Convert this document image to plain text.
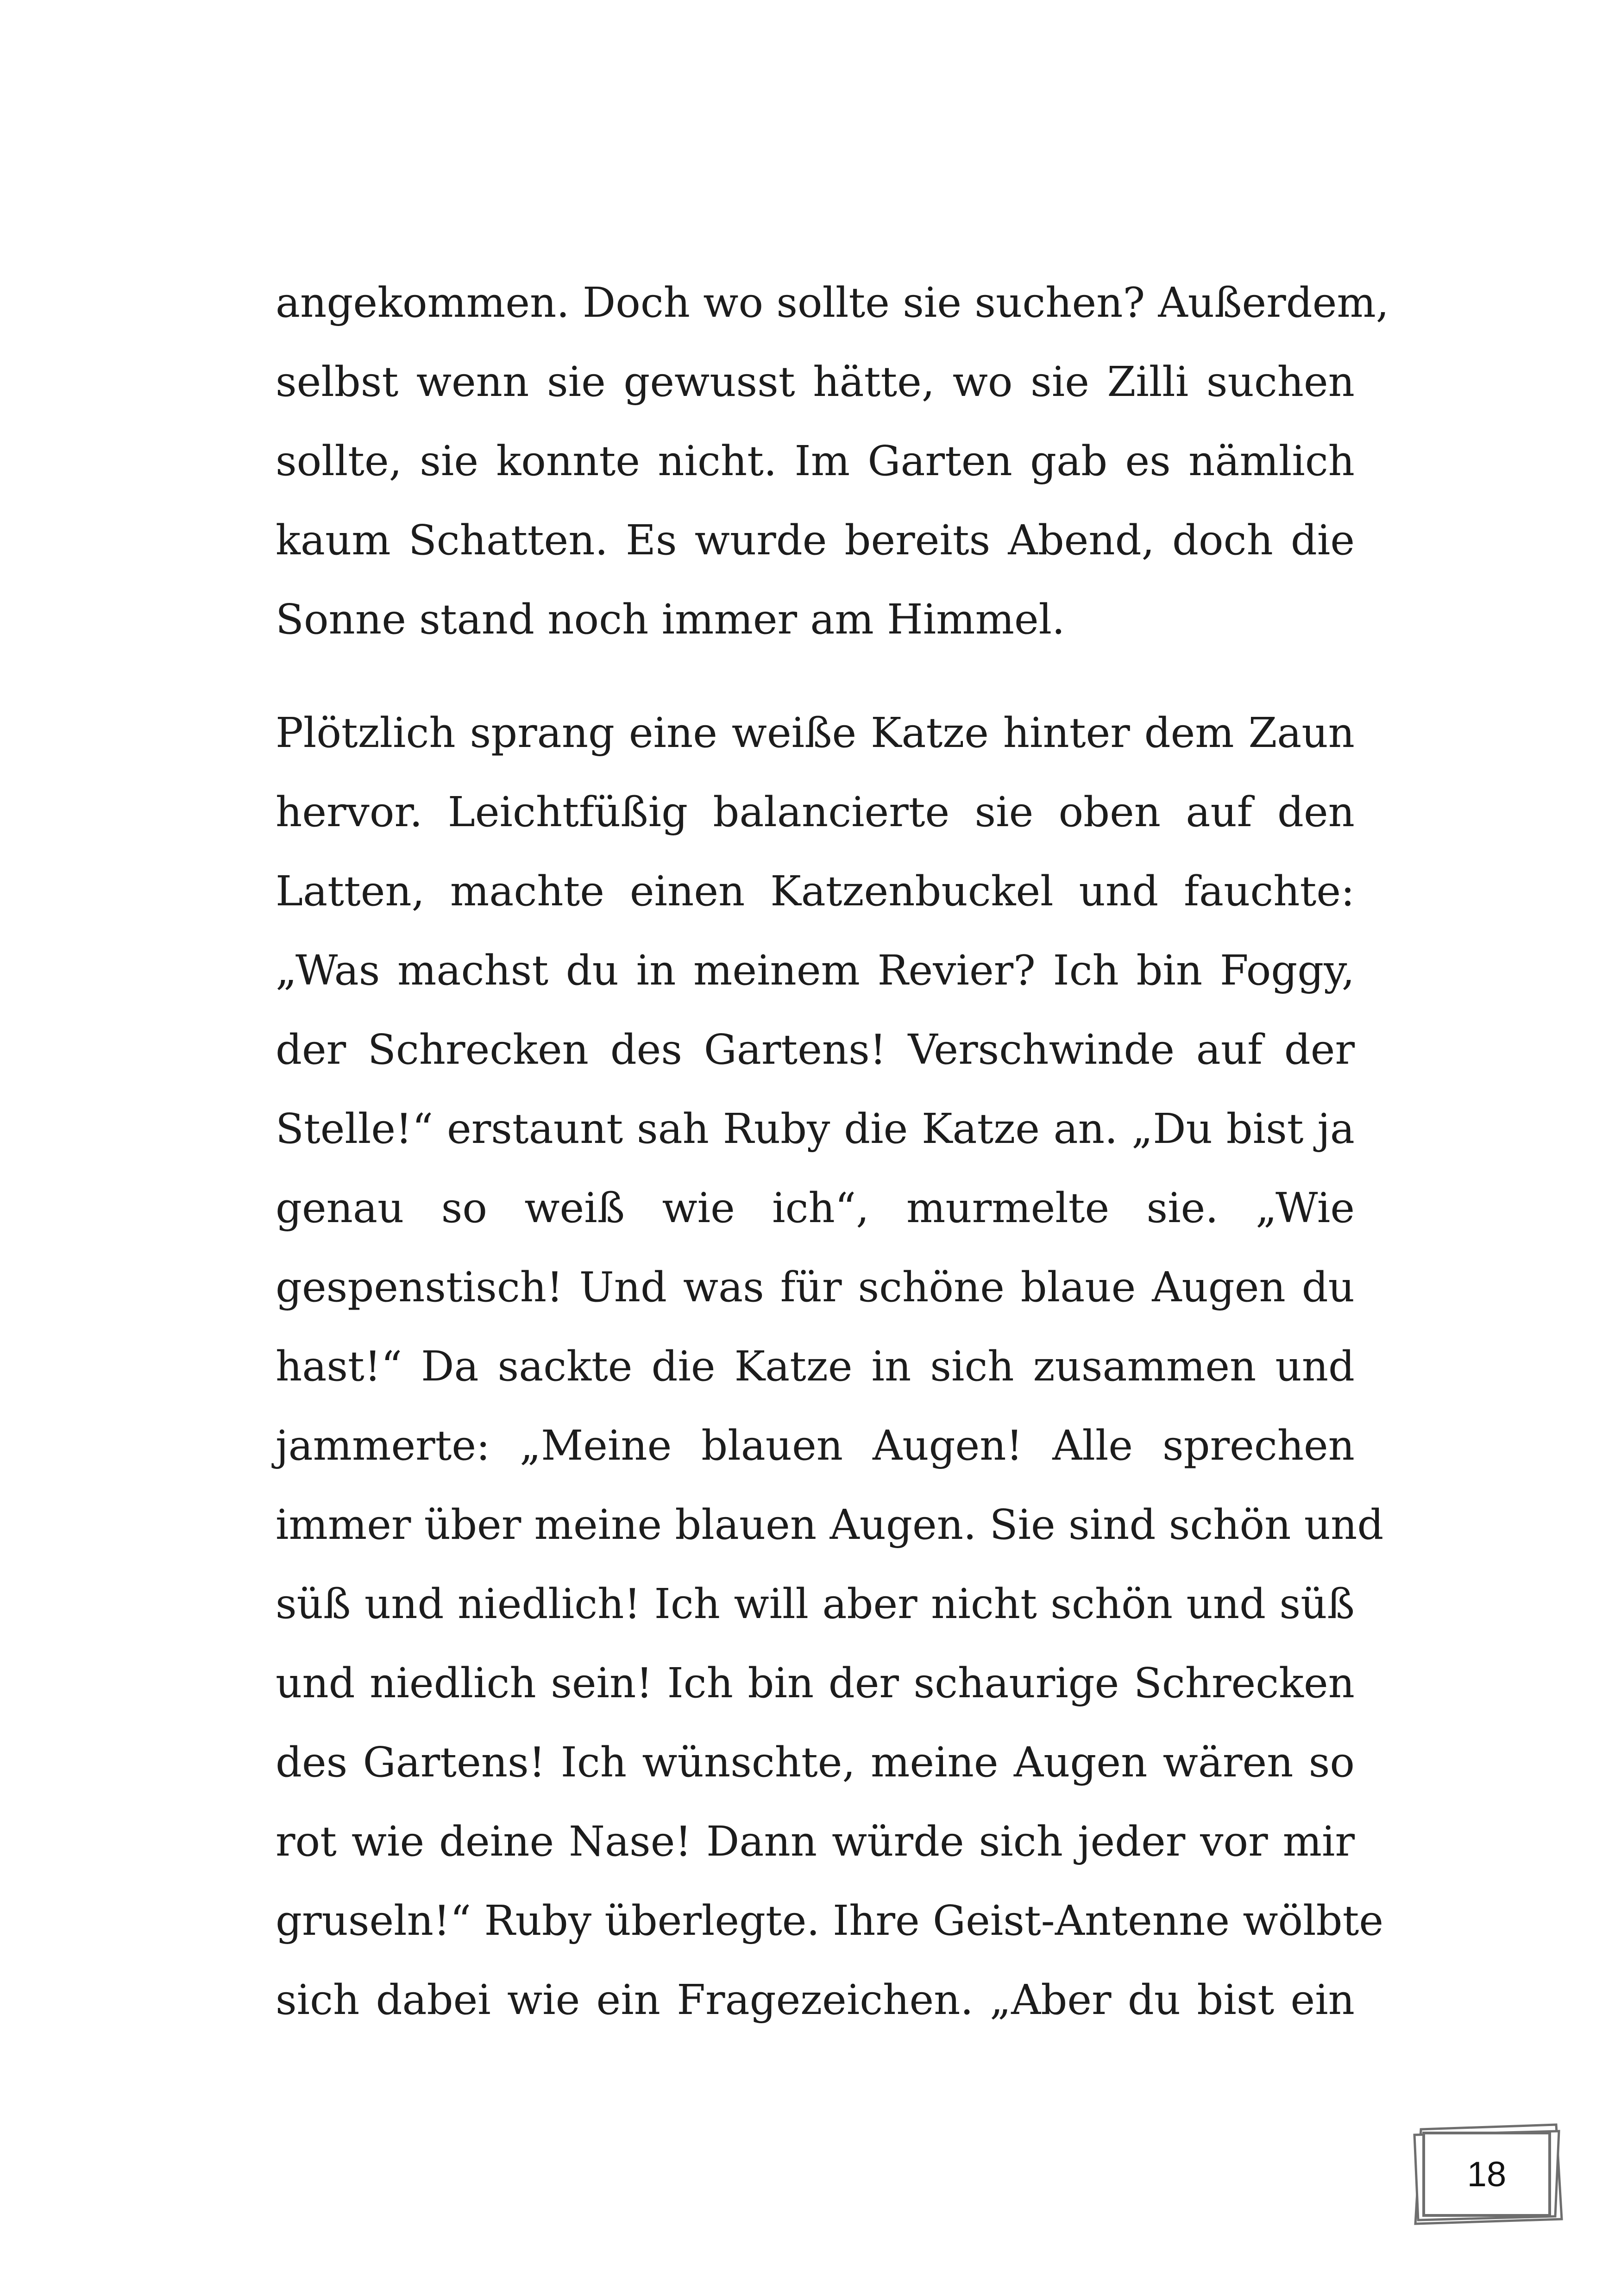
angekommen. Doch wo sollte sie suchen? Außerdem,
selbst wenn sie gewusst hätte, wo sie Zilli suchen
sollte, sie konnte nicht. Im Garten gab es nämlich
kaum Schatten. Es wurde bereits Abend, doch die
Sonne stand noch immer am Himmel.
Plötzlich sprang eine weiße Katze hinter dem Zaun
hervor. Leichtfüßig balancierte sie oben auf den
Latten, machte einen Katzenbuckel und fauchte:
„Was machst du in meinem Revier? Ich bin Foggy,
der Schrecken des Gartens! Verschwinde auf der
Stelle!“ erstaunt sah Ruby die Katze an. „Du bist ja
genau so weiß wie ich“, murmelte sie. „Wie
gespenstisch! Und was für schöne blaue Augen du
hast!“ Da sackte die Katze in sich zusammen und
jammerte: „Meine blauen Augen! Alle sprechen
immer über meine blauen Augen. Sie sind schön und
süß und niedlich! Ich will aber nicht schön und süß
und niedlich sein! Ich bin der schaurige Schrecken
des Gartens! Ich wünschte, meine Augen wären so
rot wie deine Nase! Dann würde sich jeder vor mir
gruseln!“ Ruby überlegte. Ihre Geist-Antenne wölbte
sich dabei wie ein Fragezeichen. „Aber du bist ein
18
